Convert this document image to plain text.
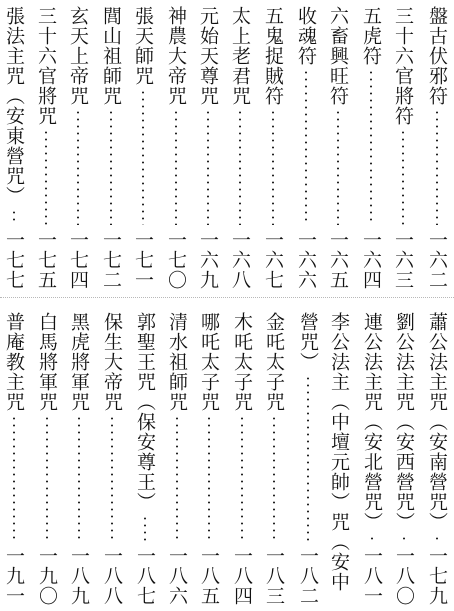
盤古伏邪符
一六二
三十六官將符
一六三
五虎符
一六四
六畜興旺符
一六五
收魂符
一六六
五鬼捉賊符
一六七
太上老君咒
一六八
元始天尊咒
一六九
神農大帝咒
一七〇
張天師咒
一七一
閭山祖師咒
一七二
玄天上帝咒
一七四
三十六官將咒
一七五
張法主咒（安東營咒）
一七七
蕭公法主咒（安南營咒）
一七九
劉公法主咒（安西營咒）
一八〇
連公法主咒（安北營咒）
一八一
李公法主（中壇元帥）咒（安中
營咒）
一八二
金吒太子咒
一八三
木吒太子咒
一八四
哪吒太子咒
一八五
清水祖師咒
一八六
郭聖王咒（保安尊王）
一八七
保生大帝咒
一八八
黑虎將軍咒
一八九
白馬將軍咒
一九〇
普庵教主咒
一九一
